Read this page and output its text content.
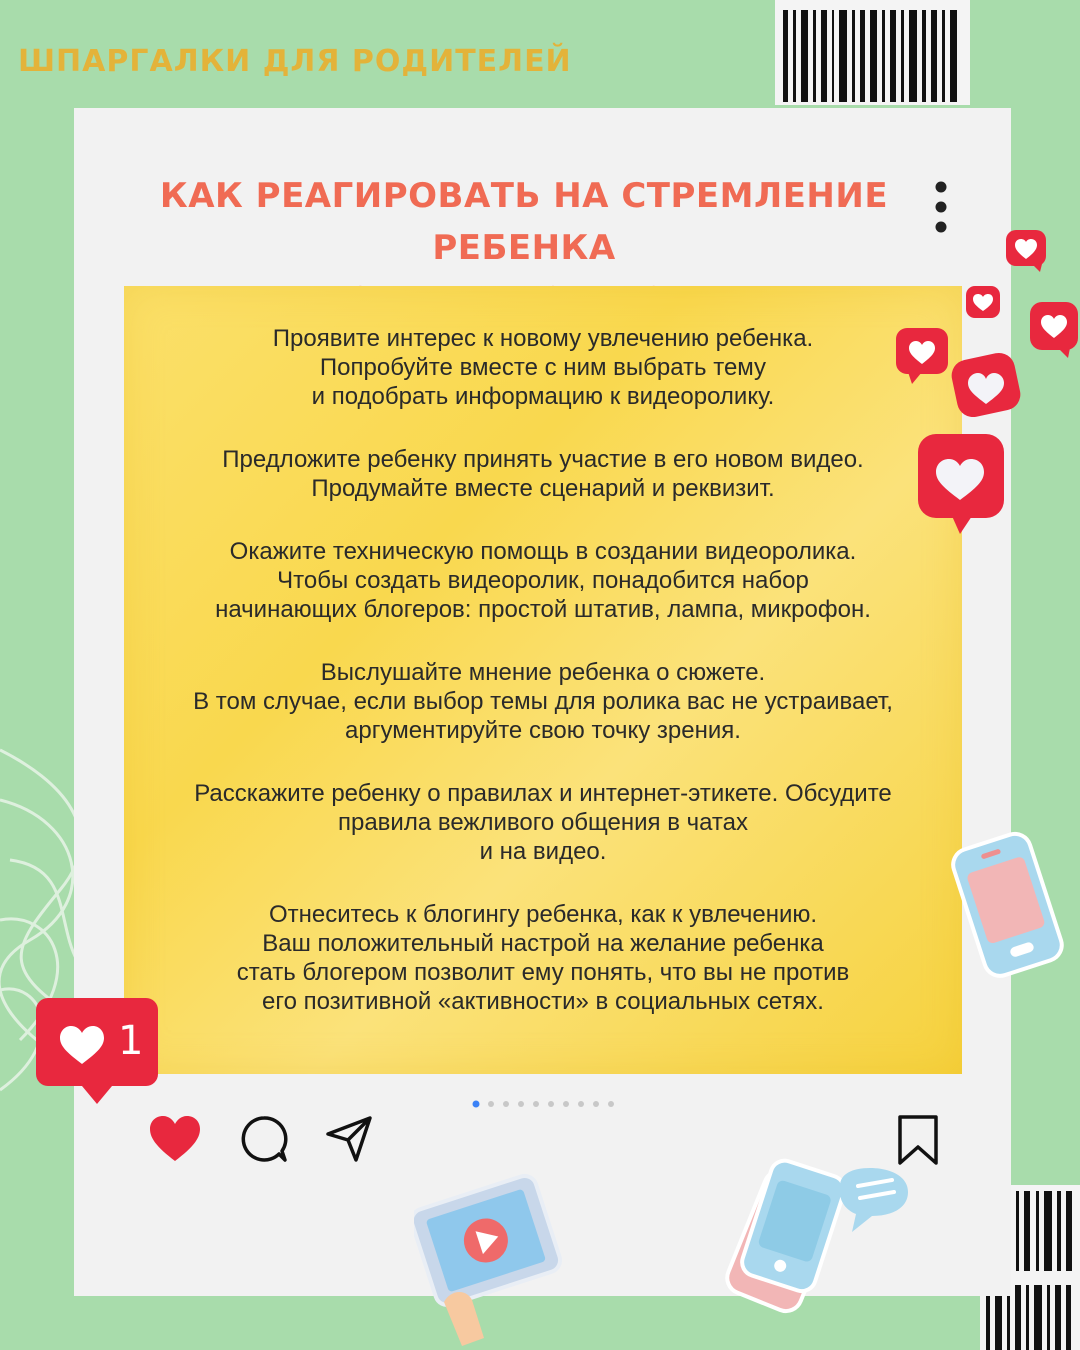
ШПАРГАЛКИ ДЛЯ РОДИТЕЛЕЙ
КАК РЕАГИРОВАТЬ НА СТРЕМЛЕНИЕ РЕБЕНКА
Проявите интерес к новому увлечению ребенка.
Попробуйте вместе с ним выбрать тему
и подобрать информацию к видеоролику.
Предложите ребенку принять участие в его новом видео.
Продумайте вместе сценарий и реквизит.
Окажите техническую помощь в создании видеоролика.
Чтобы создать видеоролик, понадобится набор
начинающих блогеров: простой штатив, лампа, микрофон.
Выслушайте мнение ребенка о сюжете.
В том случае, если выбор темы для ролика вас не устраивает,
аргументируйте свою точку зрения.
Расскажите ребенку о правилах и интернет-этикете. Обсудите
правила вежливого общения в чатах
и на видео.
Отнеситесь к блогингу ребенка, как к увлечению.
Ваш положительный настрой на желание ребенка
стать блогером позволит ему понять, что вы не против
его позитивной «активности» в социальных сетях.
1
